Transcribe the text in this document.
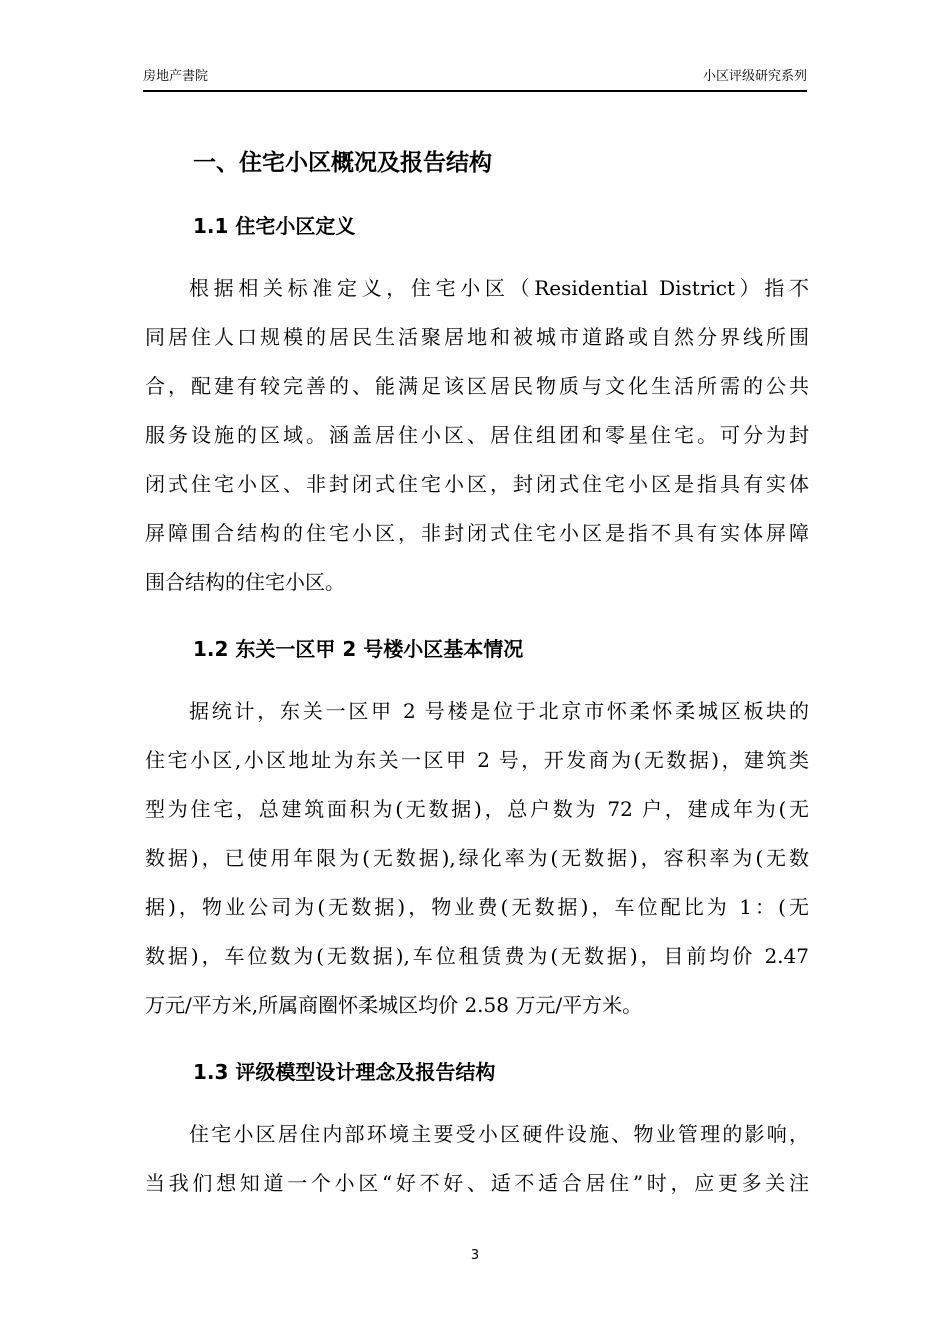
房地产書院	小区评级研究系列
一、住宅小区概况及报告结构
1.1 住宅小区定义
根据相关标准定义，住宅小区（Residential District）指不
同居住人口规模的居民生活聚居地和被城市道路或自然分界线所围
合，配建有较完善的、能满足该区居民物质与文化生活所需的公共
服务设施的区域。涵盖居住小区、居住组团和零星住宅。可分为封
闭式住宅小区、非封闭式住宅小区，封闭式住宅小区是指具有实体
屏障围合结构的住宅小区，非封闭式住宅小区是指不具有实体屏障
围合结构的住宅小区。
1.2 东关一区甲 2 号楼小区基本情况
据统计，东关一区甲 2 号楼是位于北京市怀柔怀柔城区板块的
住宅小区,小区地址为东关一区甲 2 号，开发商为(无数据)，建筑类
型为住宅，总建筑面积为(无数据)，总户数为 72 户，建成年为(无
数据)，已使用年限为(无数据),绿化率为(无数据)，容积率为(无数
据)，物业公司为(无数据)，物业费(无数据)，车位配比为 1：(无
数据)，车位数为(无数据),车位租赁费为(无数据)，目前均价 2.47
万元/平方米,所属商圈怀柔城区均价 2.58 万元/平方米。
1.3 评级模型设计理念及报告结构
住宅小区居住内部环境主要受小区硬件设施、物业管理的影响，
当我们想知道一个小区“好不好、适不适合居住”时，应更多关注
3
